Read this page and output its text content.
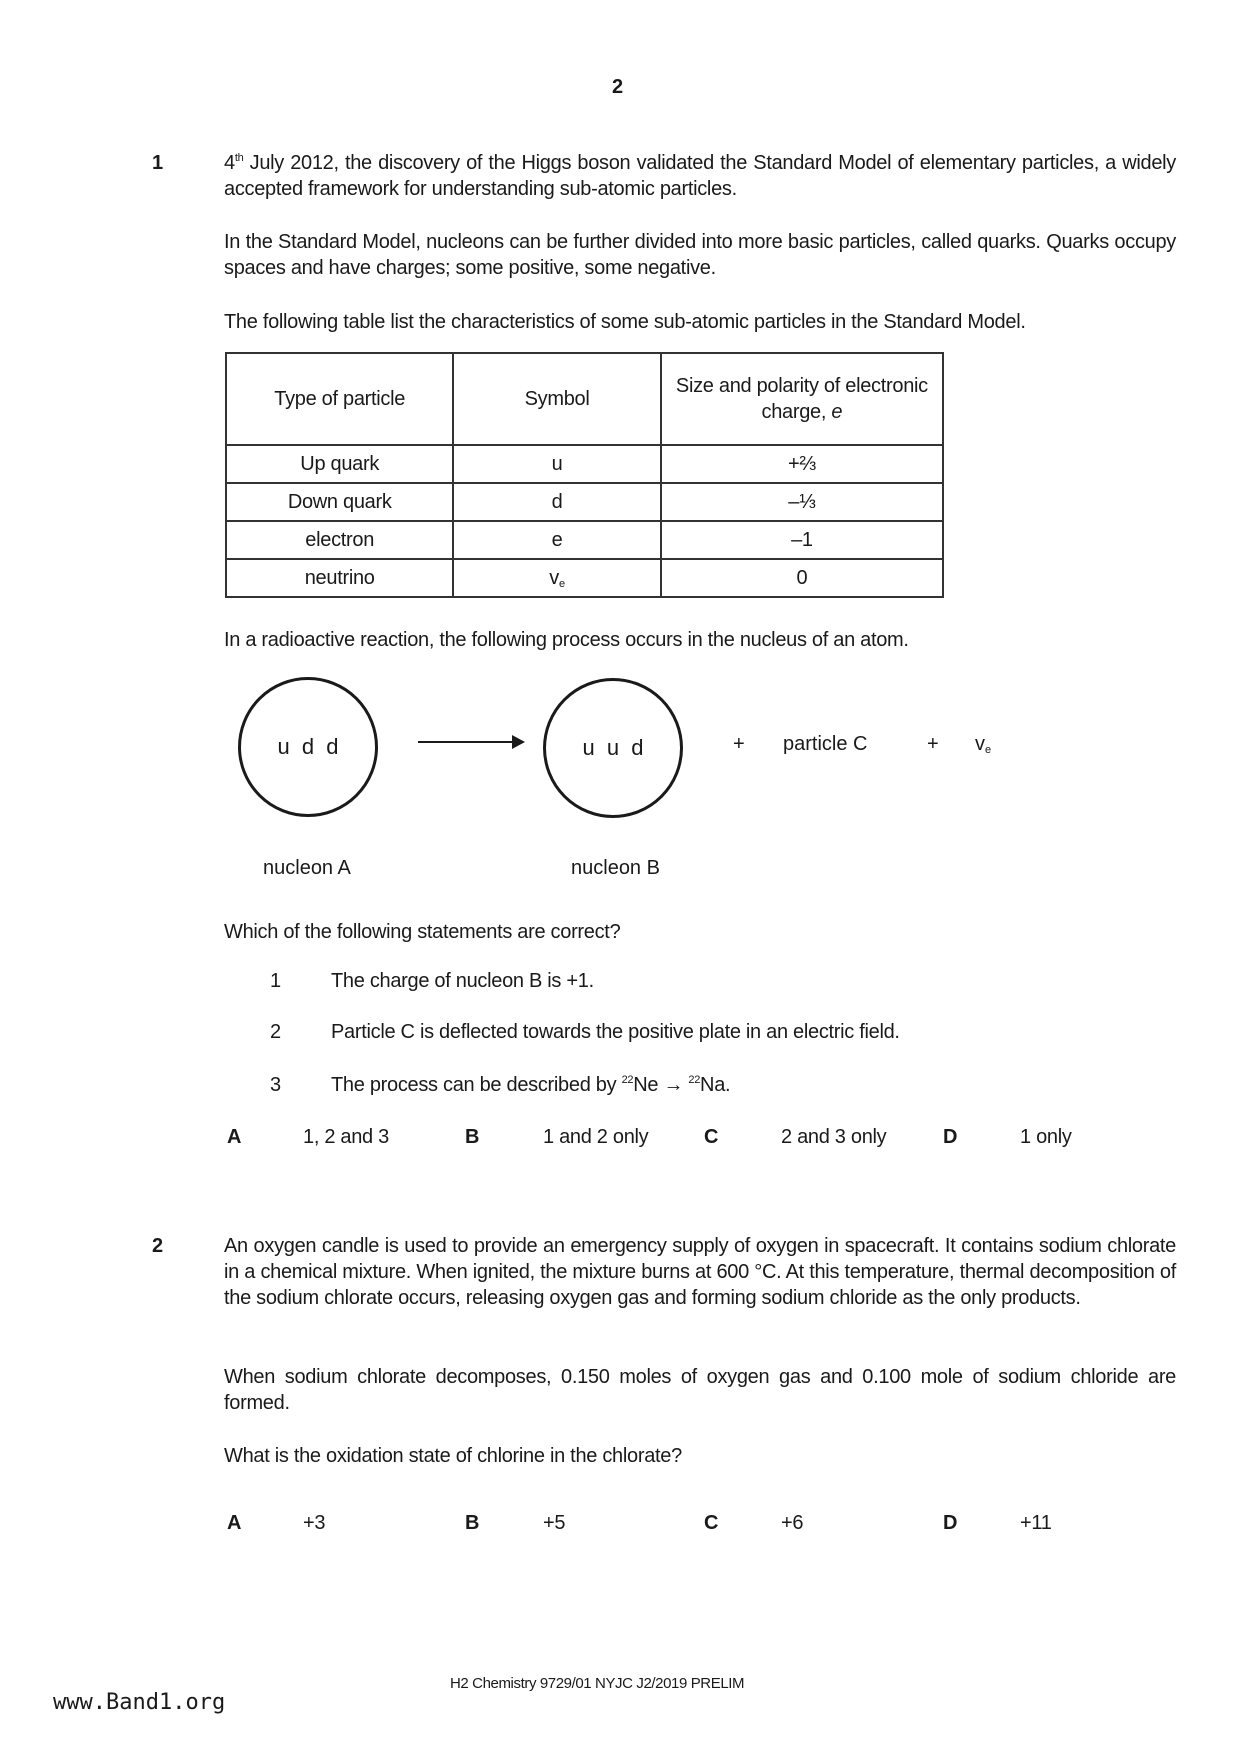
2
1	4th July 2012, the discovery of the Higgs boson validated the Standard Model of elementary particles, a widely accepted framework for understanding sub-atomic particles.
In the Standard Model, nucleons can be further divided into more basic particles, called quarks. Quarks occupy spaces and have charges; some positive, some negative.
The following table list the characteristics of some sub-atomic particles in the Standard Model.
Type of particle	Symbol	Size and polarity of electronic charge, e
Up quark	u	+⅔
Down quark	d	–⅓
electron	e	–1
neutrino	$v_e$	0
In a radioactive reaction, the following process occurs in the nucleus of an atom.
u d d	u u d	+ particle C	+ $v_e$
nucleon A	nucleon B
Which of the following statements are correct?
1 The charge of nucleon B is +1.
2 Particle C is deflected towards the positive plate in an electric field.
3 The process can be described by $^{22}$Ne → $^{22}$Na.
A	1, 2 and 3	B	1 and 2 only	C	2 and 3 only	D	1 only
2	An oxygen candle is used to provide an emergency supply of oxygen in spacecraft. It contains sodium chlorate in a chemical mixture. When ignited, the mixture burns at 600 °C. At this temperature, thermal decomposition of the sodium chlorate occurs, releasing oxygen gas and forming sodium chloride as the only products.
When sodium chlorate decomposes, 0.150 moles of oxygen gas and 0.100 mole of sodium chloride are formed.
What is the oxidation state of chlorine in the chlorate?
A	+3	B	+5	C	+6	D	+11
H2 Chemistry 9729/01 NYJC J2/2019 PRELIM
www.Band1.org
